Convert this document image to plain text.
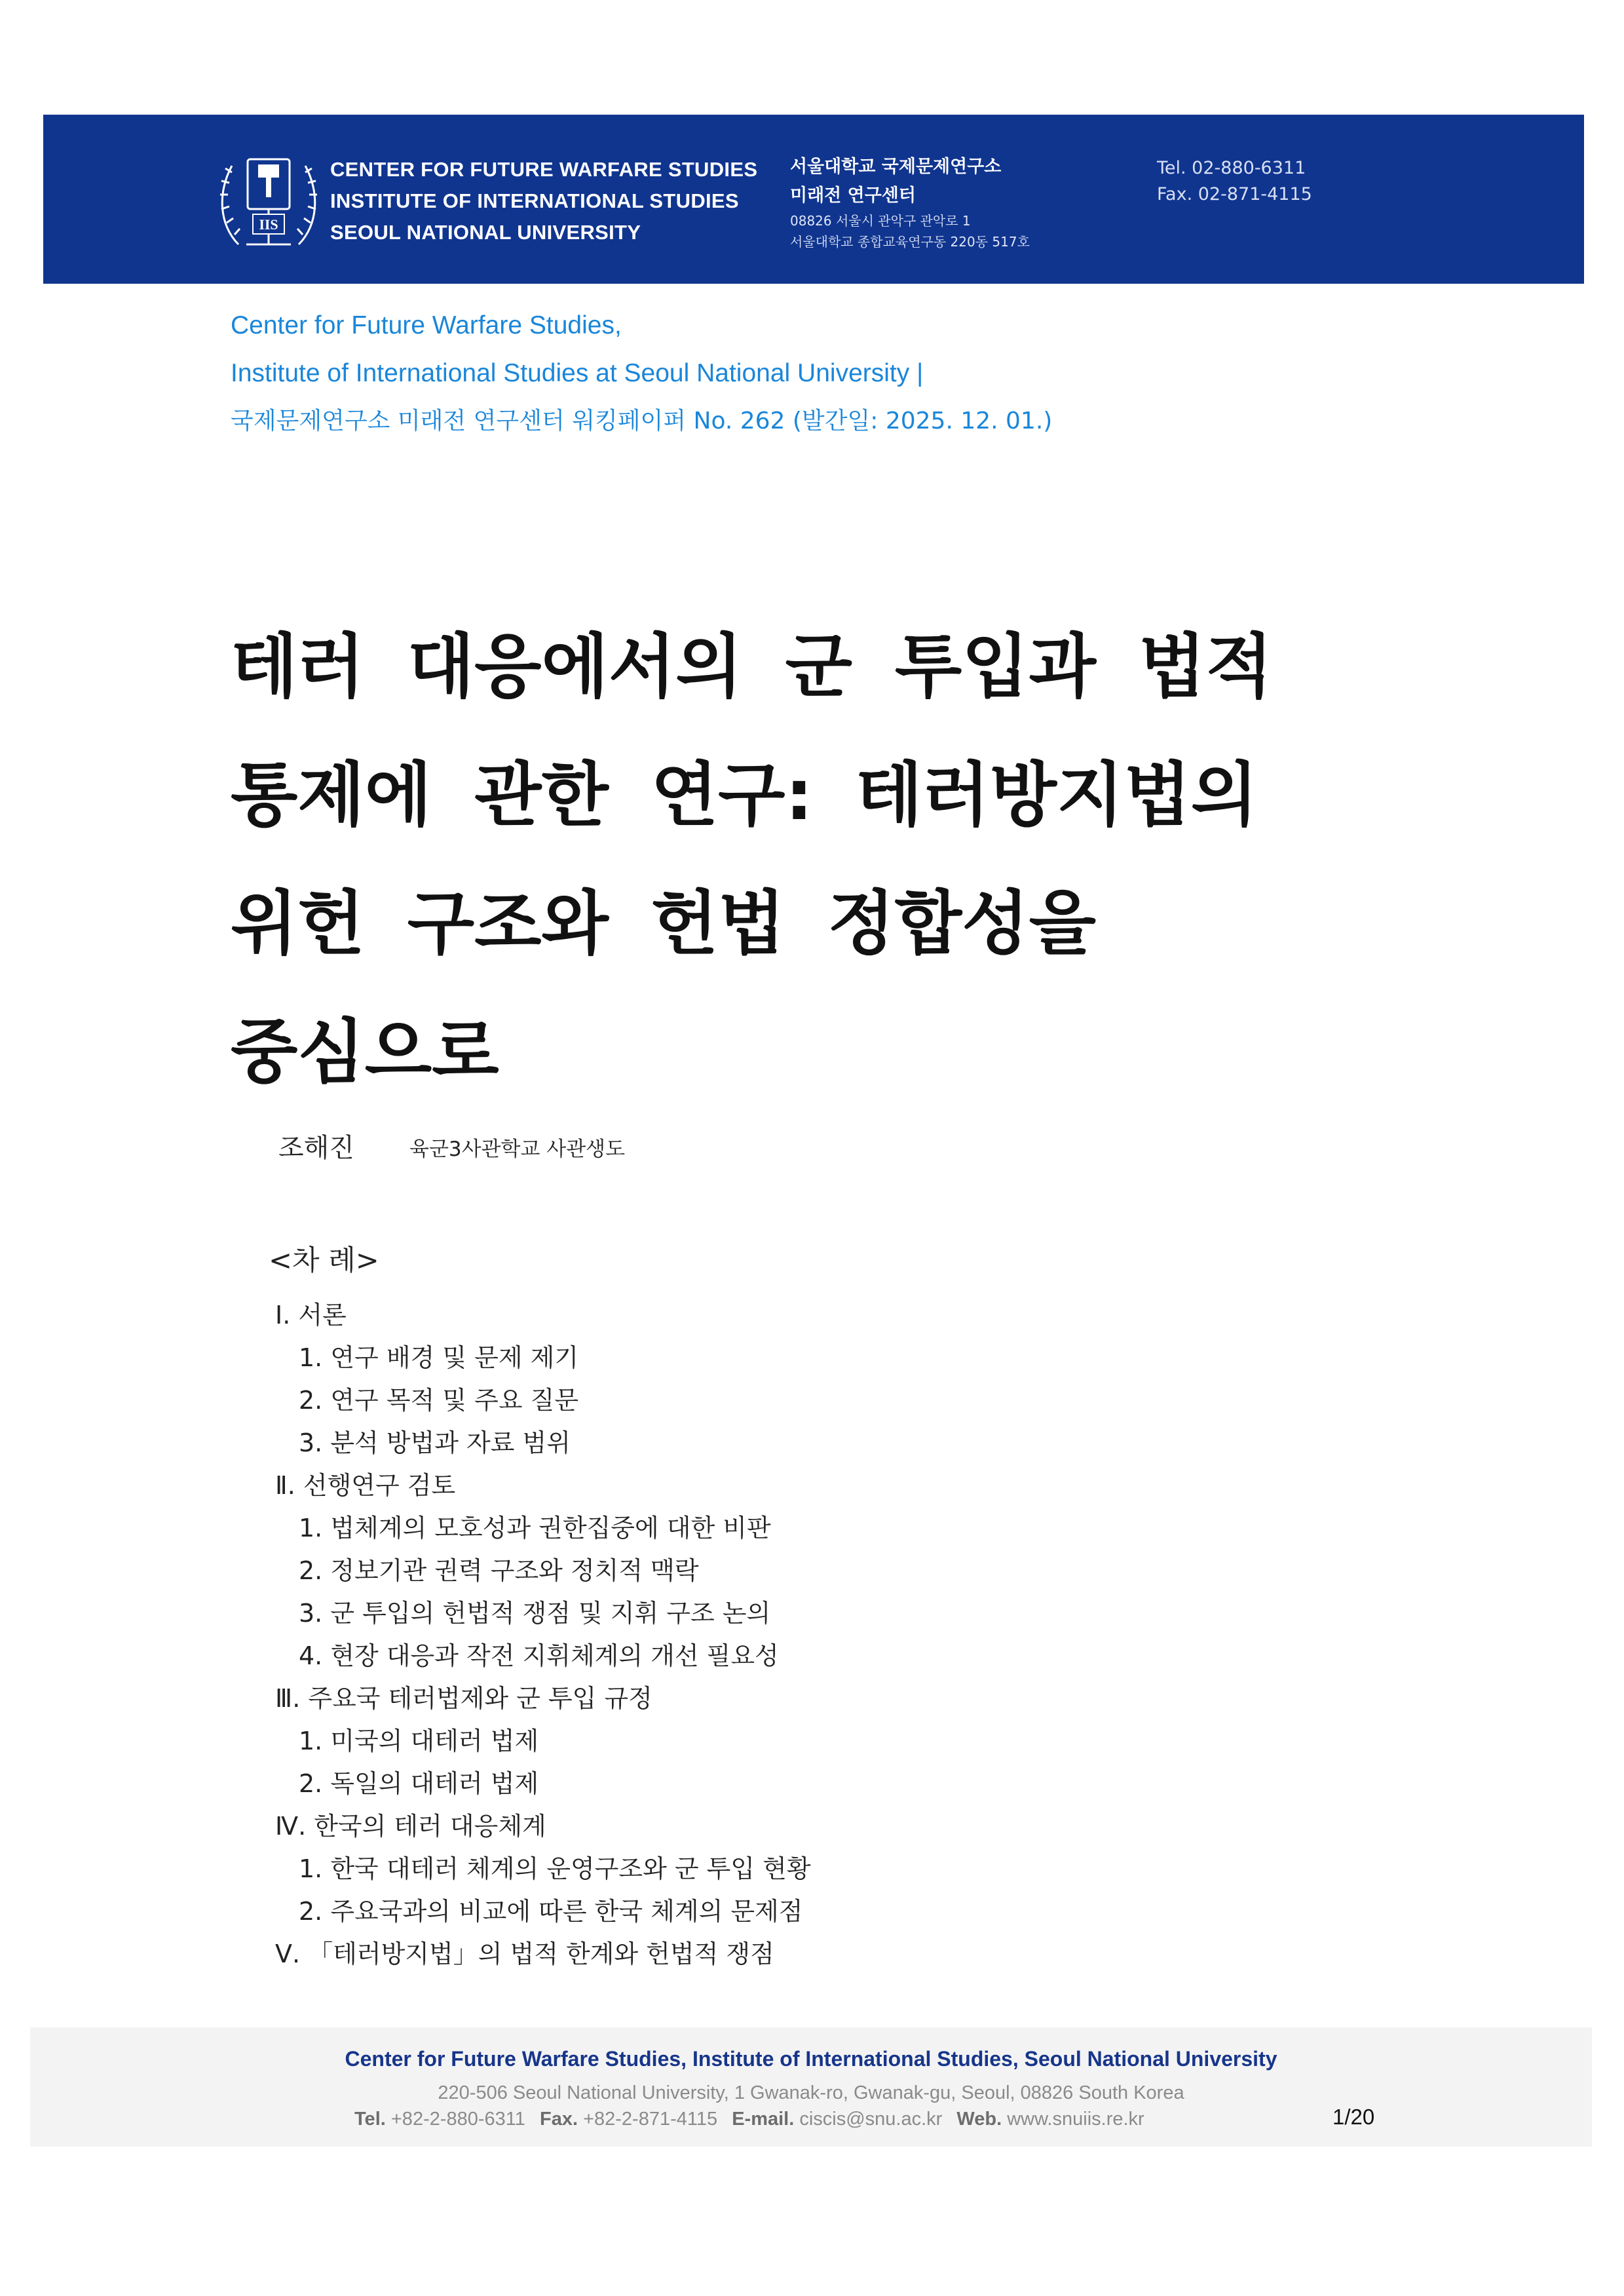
IIS
CENTER FOR FUTURE WARFARE STUDIES
INSTITUTE OF INTERNATIONAL STUDIES
SEOUL NATIONAL UNIVERSITY
서울대학교 국제문제연구소
미래전 연구센터
08826 서울시 관악구 관악로 1
서울대학교 종합교육연구동 220동 517호
Tel. 02-880-6311
Fax. 02-871-4115
Center for Future Warfare Studies,
Institute of International Studies at Seoul National University |
국제문제연구소 미래전 연구센터 워킹페이퍼 No. 262 (발간일: 2025. 12. 01.)
테러 대응에서의 군 투입과 법적
통제에 관한 연구: 테러방지법의
위헌 구조와 헌법 정합성을
중심으로
조해진	육군3사관학교 사관생도
<차 례>
Ⅰ. 서론
1. 연구 배경 및 문제 제기
2. 연구 목적 및 주요 질문
3. 분석 방법과 자료 범위
Ⅱ. 선행연구 검토
1. 법체계의 모호성과 권한집중에 대한 비판
2. 정보기관 권력 구조와 정치적 맥락
3. 군 투입의 헌법적 쟁점 및 지휘 구조 논의
4. 현장 대응과 작전 지휘체계의 개선 필요성
Ⅲ. 주요국 테러법제와 군 투입 규정
1. 미국의 대테러 법제
2. 독일의 대테러 법제
Ⅳ. 한국의 테러 대응체계
1. 한국 대테러 체계의 운영구조와 군 투입 현황
2. 주요국과의 비교에 따른 한국 체계의 문제점
Ⅴ. 「테러방지법」의 법적 한계와 헌법적 쟁점
Center for Future Warfare Studies, Institute of International Studies, Seoul National University
220-506 Seoul National University, 1 Gwanak-ro, Gwanak-gu, Seoul, 08826 South Korea
Tel. +82-2-880-6311 Fax. +82-2-871-4115 E-mail. ciscis@snu.ac.kr Web. www.snuiis.re.kr	1/20
